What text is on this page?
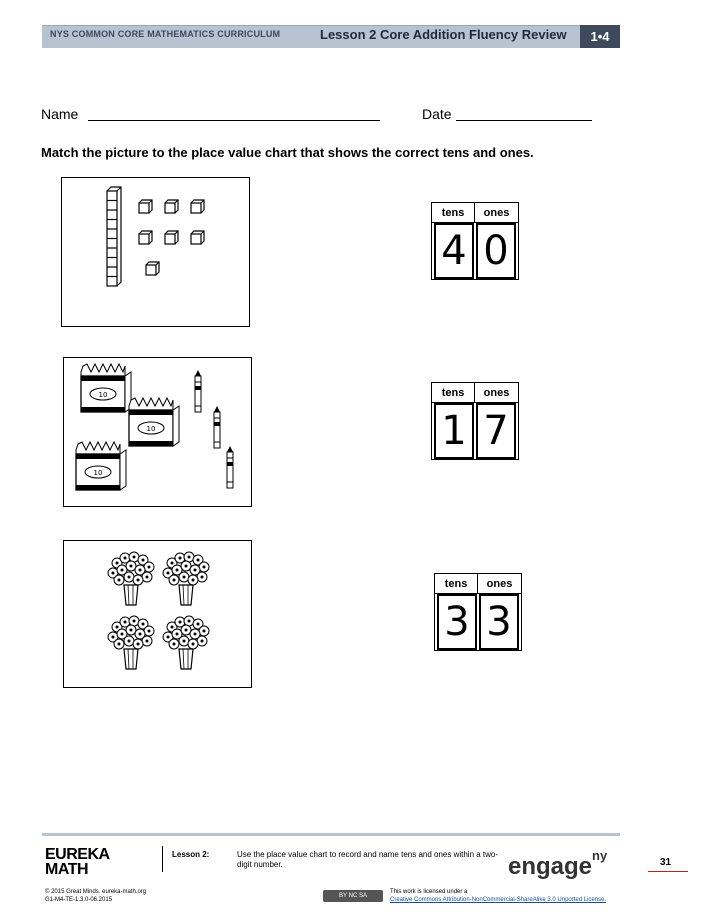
NYS COMMON CORE MATHEMATICS CURRICULUM	Lesson 2 Core Addition Fluency Review	1•4
Name	Date
Match the picture to the place value chart that shows the correct tens and ones.
10
10
10
tens	ones
4 0
tens	ones
1 7
tens	ones
3 3
EUREKA
MATH
Lesson 2:	Use the place value chart to record and name tens and ones within a two-digit number.	engage$^{ny}$	31
© 2015 Great Minds. eureka-math.org
G1-M4-TE-1.3.0-06.2015
BY NC SA
This work is licensed under a
Creative Commons Attribution-NonCommercial-ShareAlike 3.0 Unported License.
